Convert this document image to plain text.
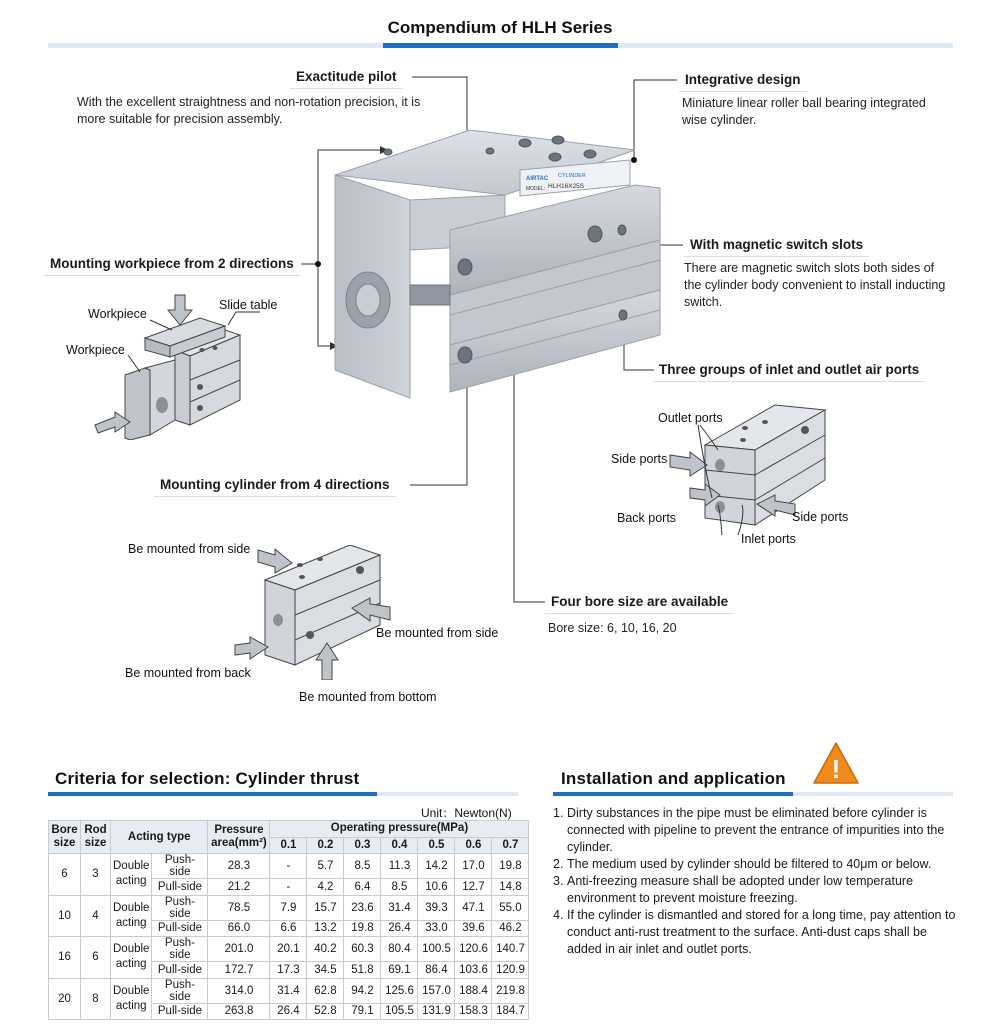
Compendium of HLH Series
Exactitude pilot
With the excellent straightness and non-rotation precision, it is more suitable for precision assembly.
Integrative design
Miniature linear roller ball bearing integrated wise cylinder.
Mounting workpiece from 2 directions
With magnetic switch slots
There are magnetic switch slots both sides of the cylinder body convenient to install inducting switch.
Three groups of inlet and outlet air ports
Mounting cylinder from 4 directions
Four bore size are available
Bore size: 6, 10, 16, 20
AIRTAC CYLINDER
MODEL: HLH16X25S
Workpiece
Slide table
Workpiece
Outlet ports
Side ports
Back ports	Side ports
Inlet ports
Be mounted from side
Be mounted from side
Be mounted from back
Be mounted from bottom
Criteria for selection: Cylinder thrust
Unit：Newton(N)
Bore size	Rod size	Acting type		Pressure area(mm²)	Operating pressure(MPa)						
					0.1	0.2	0.3	0.4	0.5	0.6	0.7
6	3	Double acting	Push-side	28.3	-	5.7	8.5	11.3	14.2	17.0	19.8
			Pull-side	21.2	-	4.2	6.4	8.5	10.6	12.7	14.8
10	4	Double acting	Push-side	78.5	7.9	15.7	23.6	31.4	39.3	47.1	55.0
			Pull-side	66.0	6.6	13.2	19.8	26.4	33.0	39.6	46.2
16	6	Double acting	Push-side	201.0	20.1	40.2	60.3	80.4	100.5	120.6	140.7
			Pull-side	172.7	17.3	34.5	51.8	69.1	86.4	103.6	120.9
20	8	Double acting	Push-side	314.0	31.4	62.8	94.2	125.6	157.0	188.4	219.8
			Pull-side	263.8	26.4	52.8	79.1	105.5	131.9	158.3	184.7
Installation and application !
1. Dirty substances in the pipe must be eliminated before cylinder is connected with pipeline to prevent the entrance of impurities into the cylinder.
2. The medium used by cylinder should be filtered to 40μm or below.
3. Anti-freezing measure shall be adopted under low temperature environment to prevent moisture freezing.
4. If the cylinder is dismantled and stored for a long time, pay attention to conduct anti-rust treatment to the surface. Anti-dust caps shall be added in air inlet and outlet ports.
